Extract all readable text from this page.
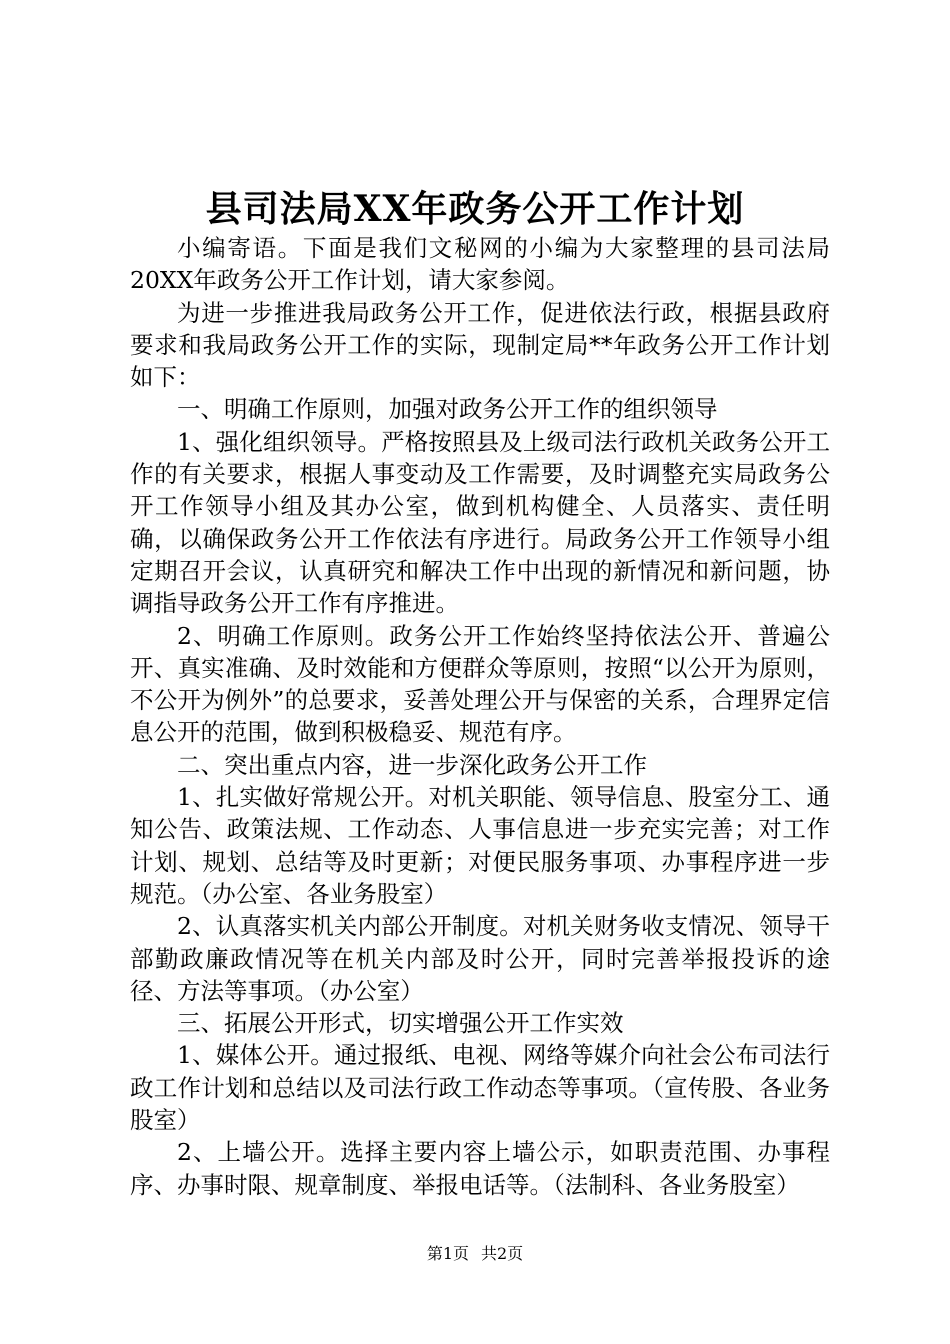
县司法局XX年政务公开工作计划

小编寄语。下面是我们文秘网的小编为大家整理的县司法局20XX年政务公开工作计划，请大家参阅。

为进一步推进我局政务公开工作，促进依法行政，根据县政府要求和我局政务公开工作的实际，现制定局**年政务公开工作计划如下：

一、明确工作原则，加强对政务公开工作的组织领导

1、强化组织领导。严格按照县及上级司法行政机关政务公开工作的有关要求，根据人事变动及工作需要，及时调整充实局政务公开工作领导小组及其办公室，做到机构健全、人员落实、责任明确，以确保政务公开工作依法有序进行。局政务公开工作领导小组定期召开会议，认真研究和解决工作中出现的新情况和新问题，协调指导政务公开工作有序推进。

2、明确工作原则。政务公开工作始终坚持依法公开、普遍公开、真实准确、及时效能和方便群众等原则，按照“以公开为原则，不公开为例外”的总要求，妥善处理公开与保密的关系，合理界定信息公开的范围，做到积极稳妥、规范有序。

二、突出重点内容，进一步深化政务公开工作

1、扎实做好常规公开。对机关职能、领导信息、股室分工、通知公告、政策法规、工作动态、人事信息进一步充实完善；对工作计划、规划、总结等及时更新；对便民服务事项、办事程序进一步规范。（办公室、各业务股室）

2、认真落实机关内部公开制度。对机关财务收支情况、领导干部勤政廉政情况等在机关内部及时公开，同时完善举报投诉的途径、方法等事项。（办公室）

三、拓展公开形式，切实增强公开工作实效

1、媒体公开。通过报纸、电视、网络等媒介向社会公布司法行政工作计划和总结以及司法行政工作动态等事项。（宣传股、各业务股室）

2、上墙公开。选择主要内容上墙公示，如职责范围、办事程序、办事时限、规章制度、举报电话等。（法制科、各业务股室）

第1页 共2页
